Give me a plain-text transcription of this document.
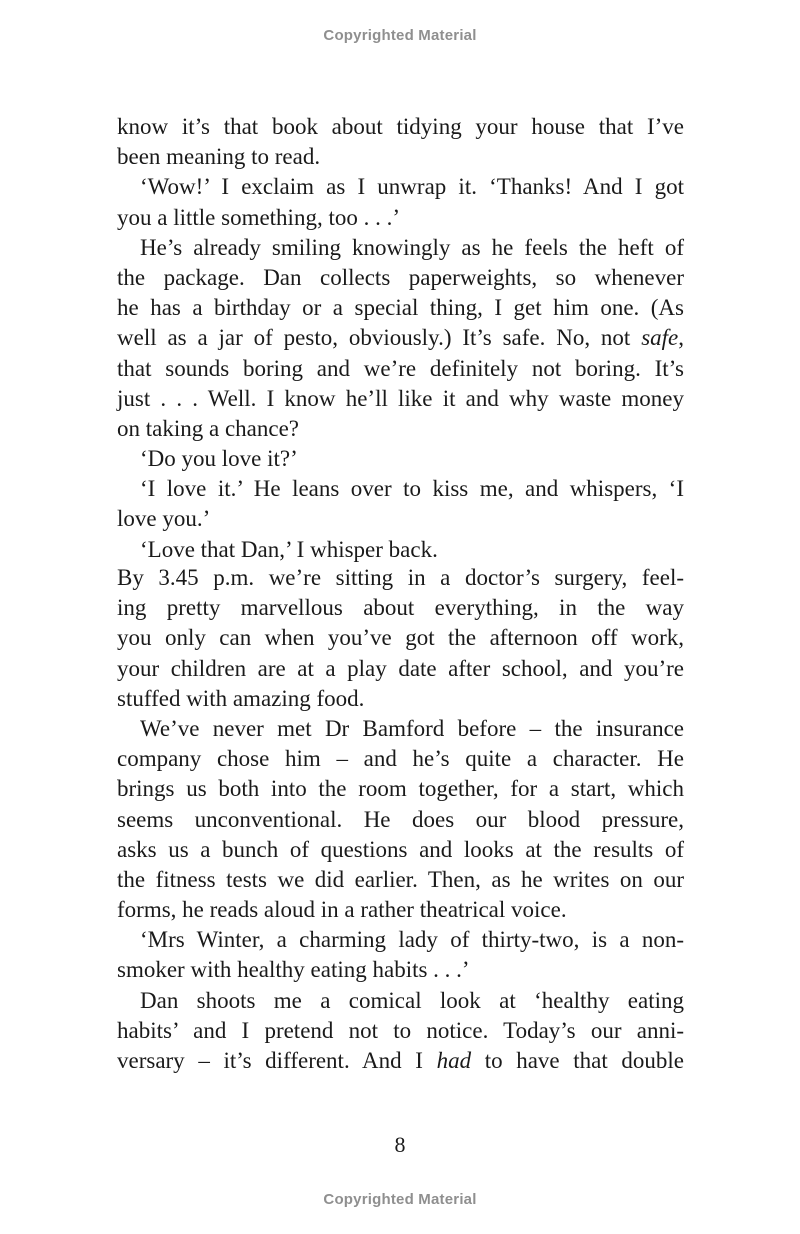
Copyrighted Material
know it’s that book about tidying your house that I’ve
been meaning to read.
‘Wow!’ I exclaim as I unwrap it. ‘Thanks! And I got
you a little something, too . . .’
He’s already smiling knowingly as he feels the heft of
the package. Dan collects paperweights, so whenever
he has a birthday or a special thing, I get him one. (As
well as a jar of pesto, obviously.) It’s safe. No, not safe,
that sounds boring and we’re definitely not boring. It’s
just . . . Well. I know he’ll like it and why waste money
on taking a chance?
‘Do you love it?’
‘I love it.’ He leans over to kiss me, and whispers, ‘I
love you.’
‘Love that Dan,’ I whisper back.
By 3.45 p.m. we’re sitting in a doctor’s surgery, feel-
ing pretty marvellous about everything, in the way
you only can when you’ve got the afternoon off work,
your children are at a play date after school, and you’re
stuffed with amazing food.
We’ve never met Dr Bamford before – the insurance
company chose him – and he’s quite a character. He
brings us both into the room together, for a start, which
seems unconventional. He does our blood pressure,
asks us a bunch of questions and looks at the results of
the fitness tests we did earlier. Then, as he writes on our
forms, he reads aloud in a rather theatrical voice.
‘Mrs Winter, a charming lady of thirty-two, is a non-
smoker with healthy eating habits . . .’
Dan shoots me a comical look at ‘healthy eating
habits’ and I pretend not to notice. Today’s our anni-
versary – it’s different. And I had to have that double
8
Copyrighted Material
